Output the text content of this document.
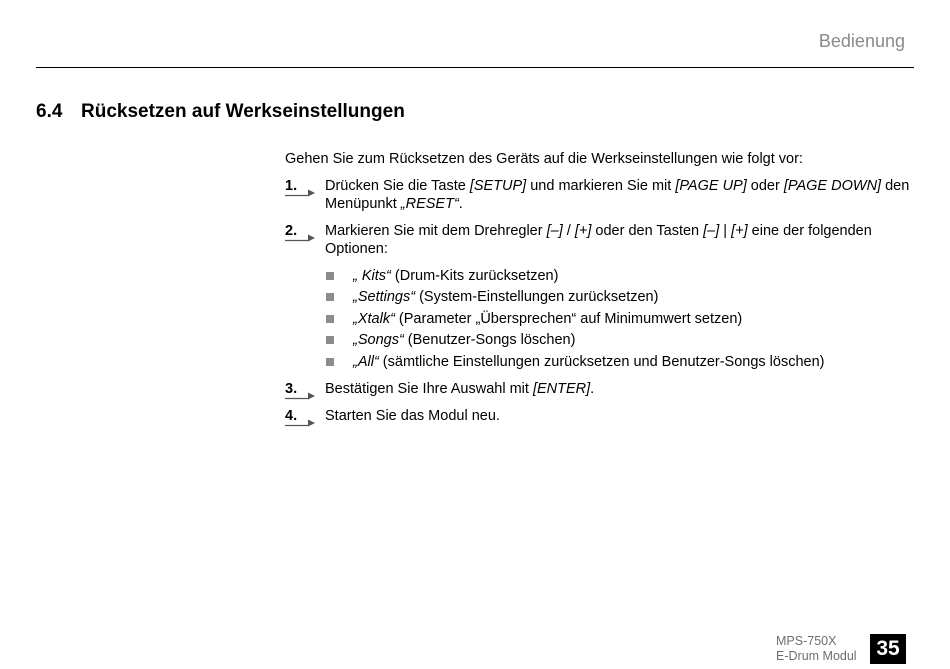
Bedienung
6.4 Rücksetzen auf Werkseinstellungen

Gehen Sie zum Rücksetzen des Geräts auf die Werkseinstellungen wie folgt vor:

1. Drücken Sie die Taste [SETUP] und markieren Sie mit [PAGE UP] oder [PAGE DOWN] den Menüpunkt „RESET“.
2. Markieren Sie mit dem Drehregler [–] / [+] oder den Tasten [–] | [+] eine der folgenden Optionen:
„ Kits“ (Drum-Kits zurücksetzen)
„Settings“ (System-Einstellungen zurücksetzen)
„Xtalk“ (Parameter „Übersprechen“ auf Minimumwert setzen)
„Songs“ (Benutzer-Songs löschen)
„All“ (sämtliche Einstellungen zurücksetzen und Benutzer-Songs löschen)
3. Bestätigen Sie Ihre Auswahl mit [ENTER].
4. Starten Sie das Modul neu.
MPS-750X
E-Drum Modul 35
